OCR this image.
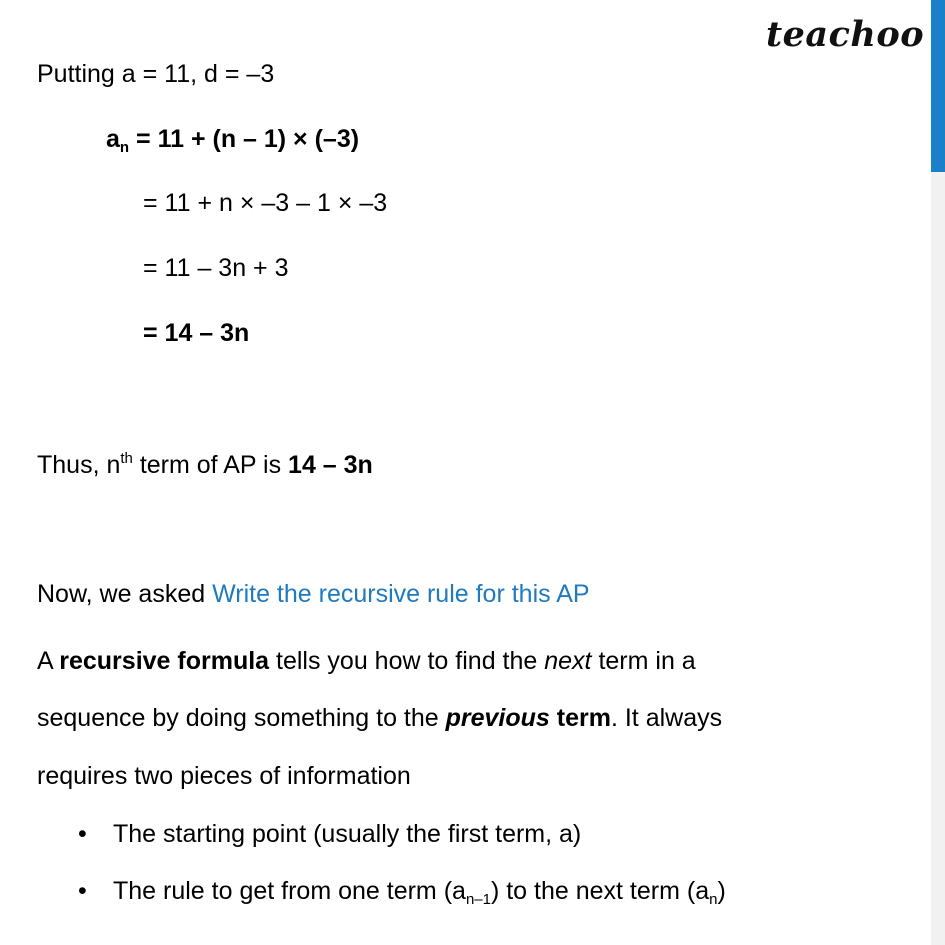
teachoo
Putting a = 11, d = –3
$a_n = 11 + (n - 1) \times (-3)$
= 11 + n × –3 – 1 × –3
= 11 – 3n + 3
= 14 – 3n
Thus, $n^{th}$ term of AP is 14 – 3n
Now, we asked Write the recursive rule for this AP
A recursive formula tells you how to find the next term in a
sequence by doing something to the previous term. It always
requires two pieces of information
• The starting point (usually the first term, a)
• The rule to get from one term $(a_{n-1})$ to the next term $(a_n)$
